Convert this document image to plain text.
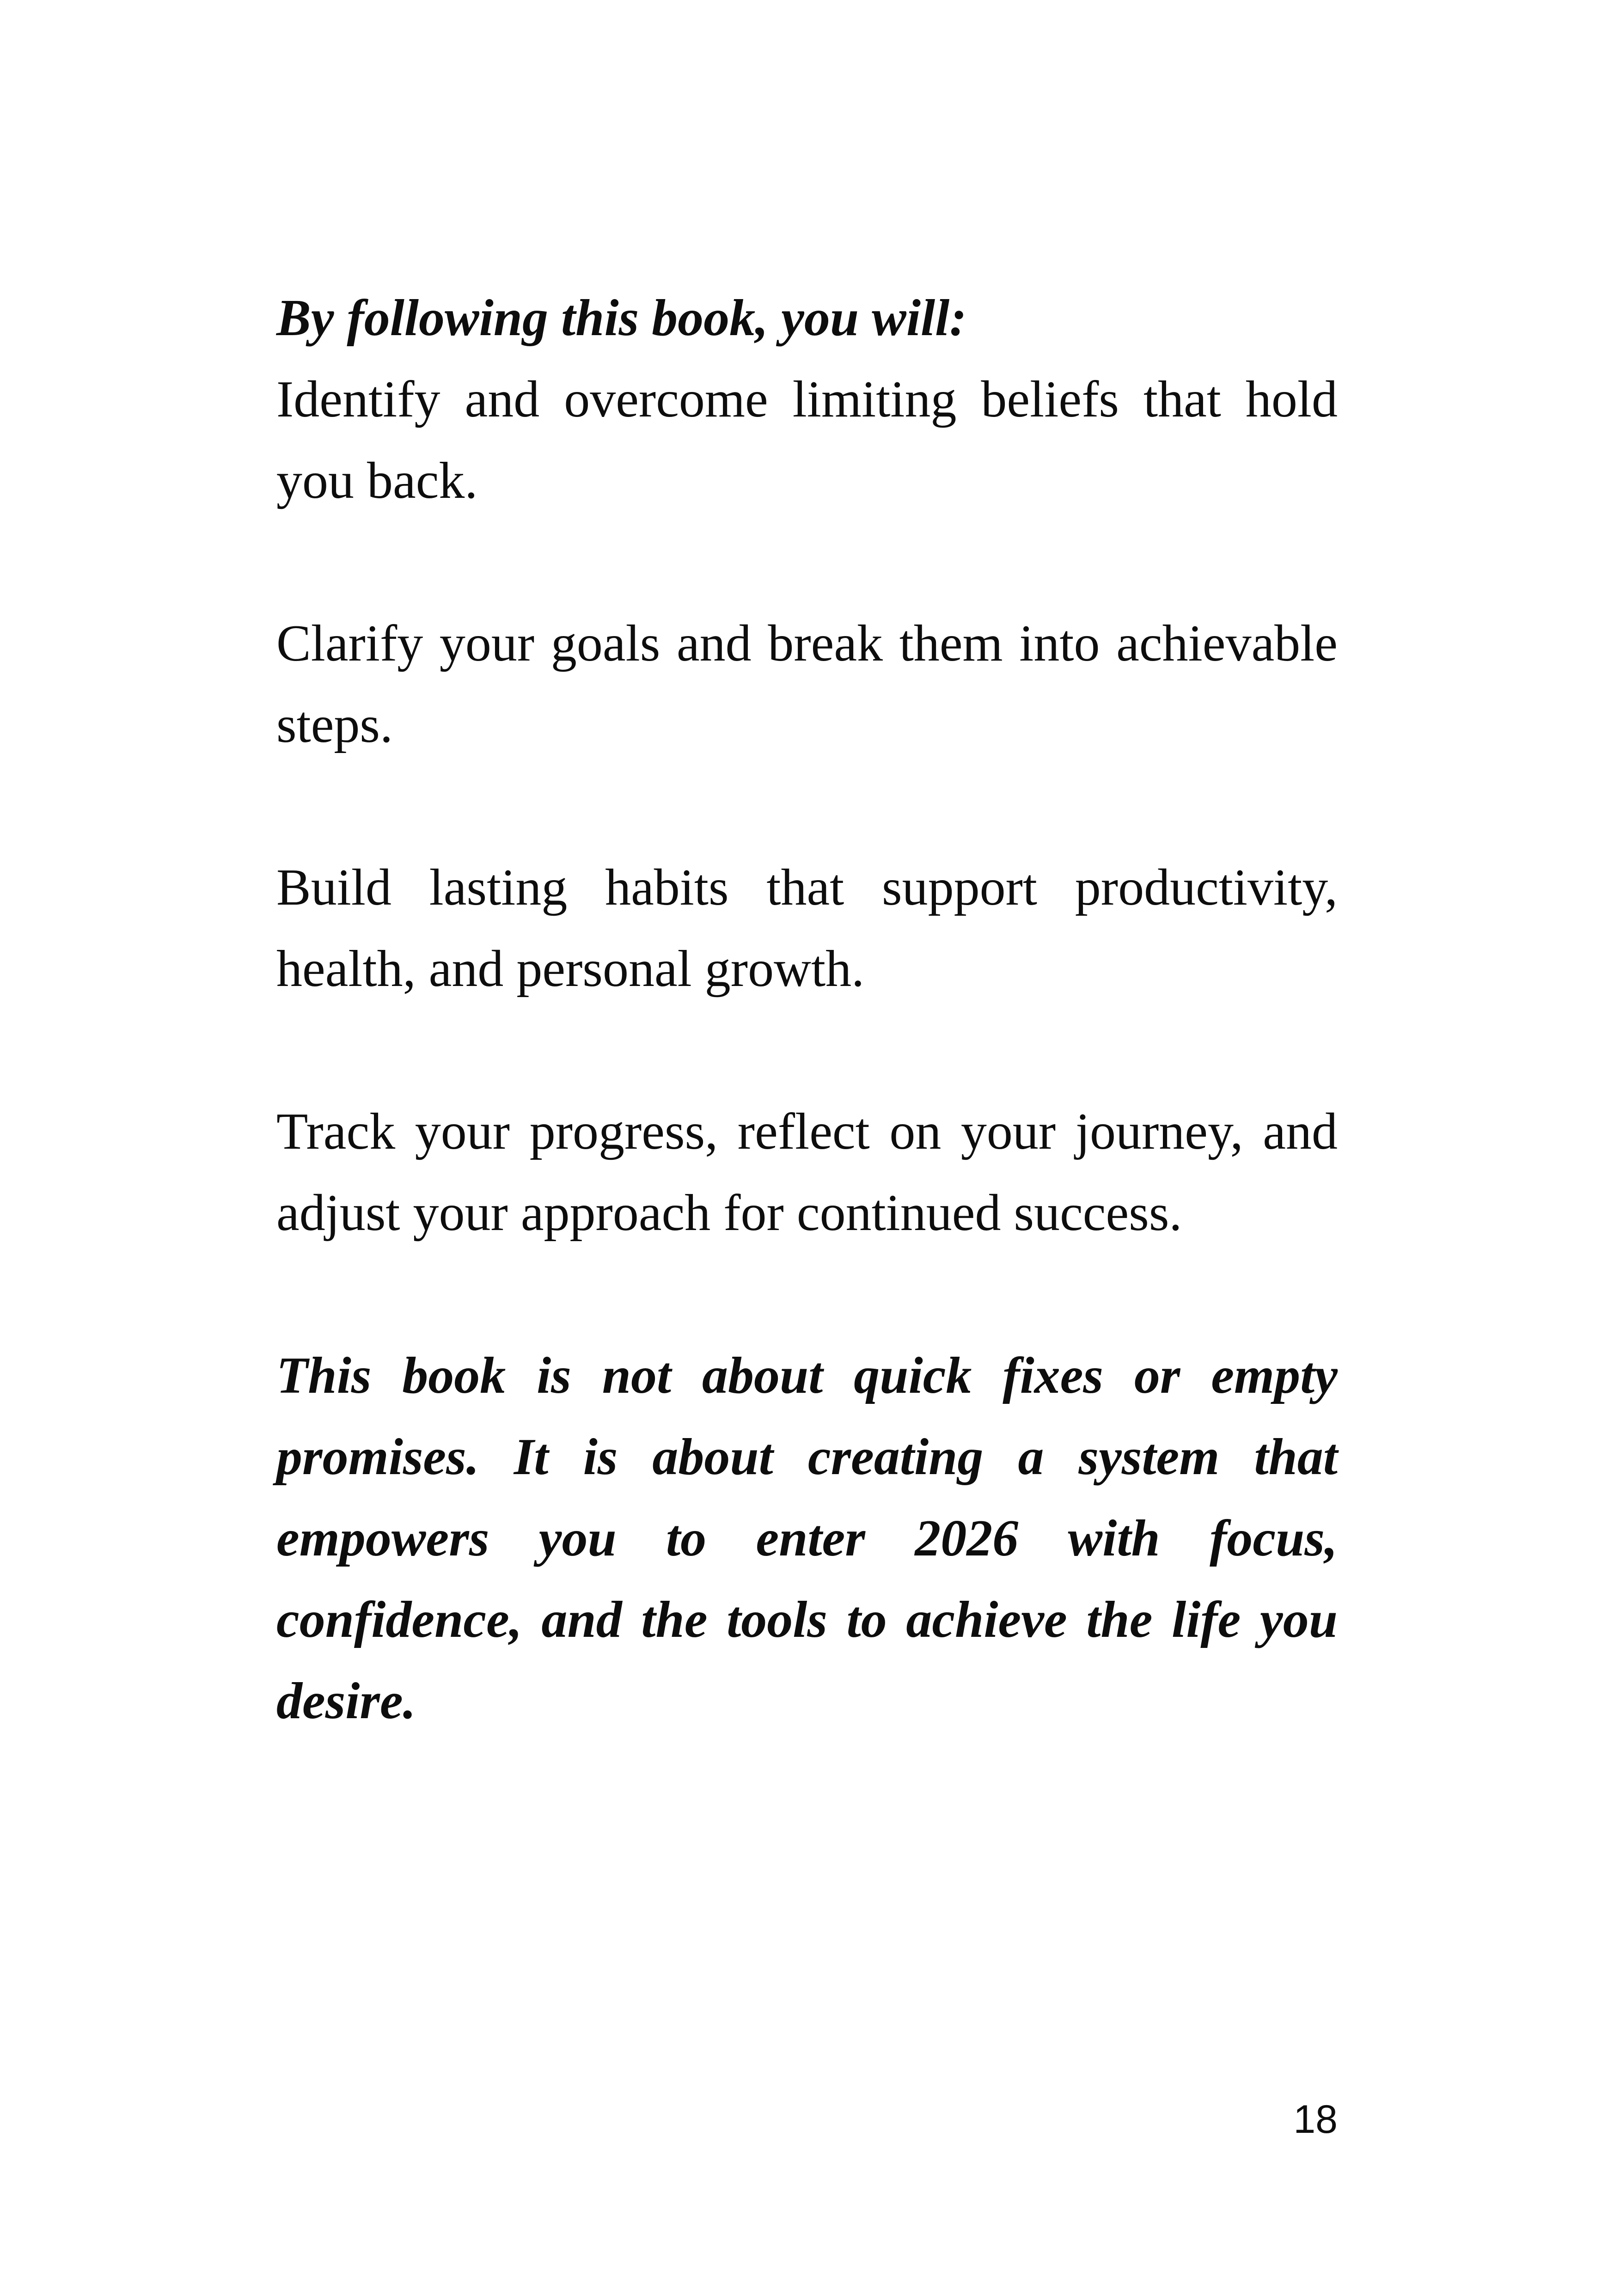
By following this book, you will:

Identify and overcome limiting beliefs that hold you back.

Clarify your goals and break them into achievable steps.

Build lasting habits that support productivity, health, and personal growth.

Track your progress, reflect on your journey, and adjust your approach for continued success.

This book is not about quick fixes or empty promises. It is about creating a system that empowers you to enter 2026 with focus, confidence, and the tools to achieve the life you desire.

18
